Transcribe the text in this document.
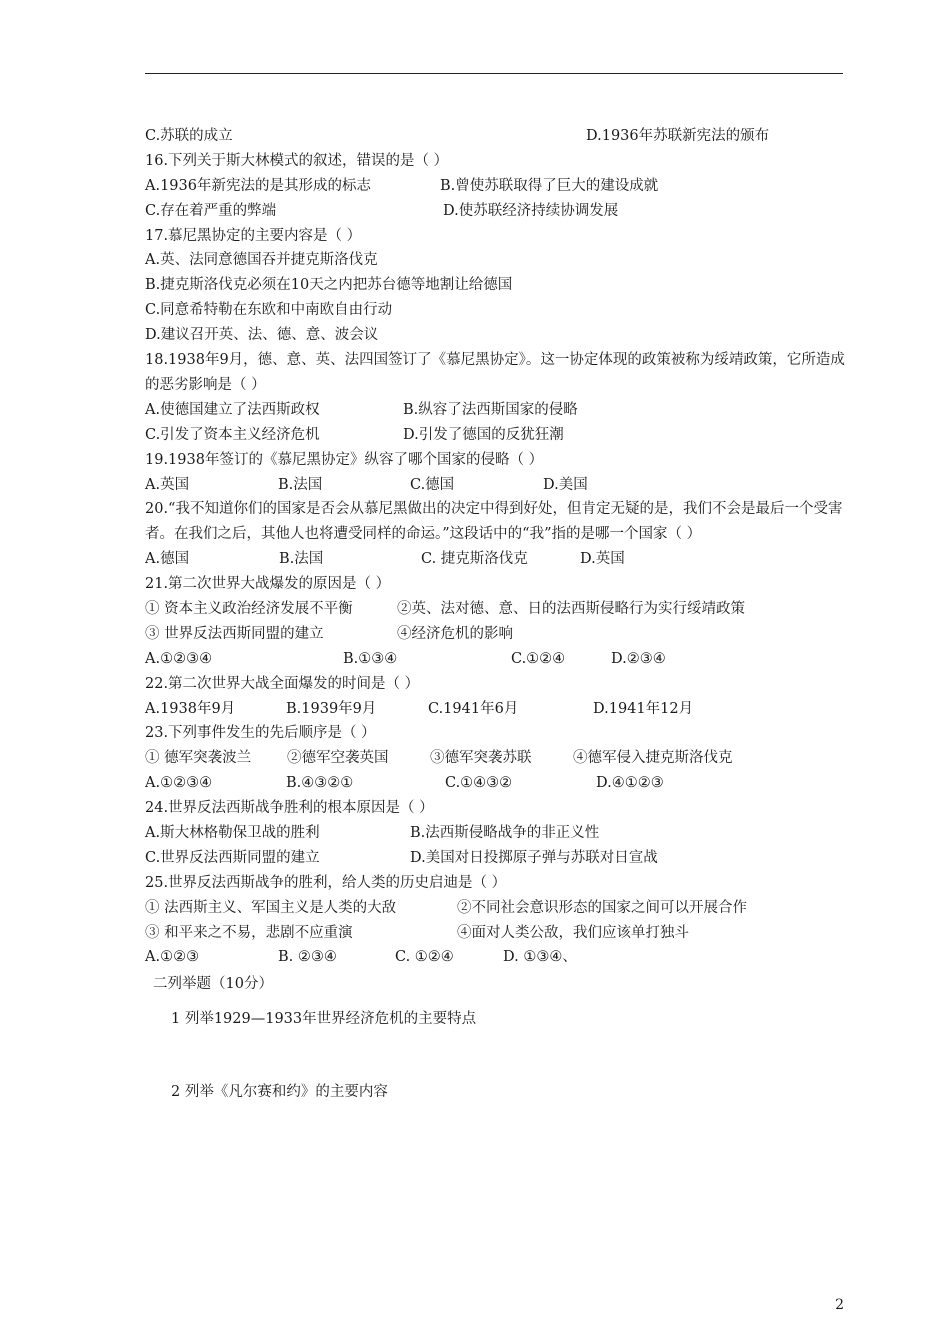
C.苏联的成立	D.1936年苏联新宪法的颁布
16.下列关于斯大林模式的叙述，错误的是（ ）
A.1936年新宪法的是其形成的标志	B.曾使苏联取得了巨大的建设成就
C.存在着严重的弊端	D.使苏联经济持续协调发展
17.慕尼黑协定的主要内容是（ ）
A.英、法同意德国吞并捷克斯洛伐克
B.捷克斯洛伐克必须在10天之内把苏台德等地割让给德国
C.同意希特勒在东欧和中南欧自由行动
D.建议召开英、法、德、意、波会议
18.1938年9月，德、意、英、法四国签订了《慕尼黑协定》。这一协定体现的政策被称为绥靖政策，它所造成的恶劣影响是（ ）
A.使德国建立了法西斯政权	B.纵容了法西斯国家的侵略
C.引发了资本主义经济危机	D.引发了德国的反犹狂潮
19.1938年签订的《慕尼黑协定》纵容了哪个国家的侵略（ ）
A.英国	B.法国	C.德国	D.美国
20.“我不知道你们的国家是否会从慕尼黑做出的决定中得到好处，但肯定无疑的是，我们不会是最后一个受害者。在我们之后，其他人也将遭受同样的命运。”这段话中的“我”指的是哪一个国家（ ）
A.德国	B.法国	C. 捷克斯洛伐克	D.英国
21.第二次世界大战爆发的原因是（ ）
① 资本主义政治经济发展不平衡	②英、法对德、意、日的法西斯侵略行为实行绥靖政策
③ 世界反法西斯同盟的建立	④经济危机的影响
A.①②③④	B.①③④	C.①②④	D.②③④
22.第二次世界大战全面爆发的时间是（ ）
A.1938年9月	B.1939年9月	C.1941年6月	D.1941年12月
23.下列事件发生的先后顺序是（ ）
① 德军突袭波兰 ②德军空袭英国	③德军突袭苏联	④德军侵入捷克斯洛伐克
A.①②③④	B.④③②①	C.①④③②	D.④①②③
24.世界反法西斯战争胜利的根本原因是（ ）
A.斯大林格勒保卫战的胜利	B.法西斯侵略战争的非正义性
C.世界反法西斯同盟的建立	D.美国对日投掷原子弹与苏联对日宣战
25.世界反法西斯战争的胜利，给人类的历史启迪是（ ）
① 法西斯主义、军国主义是人类的大敌	②不同社会意识形态的国家之间可以开展合作
③ 和平来之不易，悲剧不应重演	④面对人类公敌，我们应该单打独斗
A.①②③	B. ②③④	C. ①②④	D. ①③④、
二列举题（10分）
1 列举1929—1933年世界经济危机的主要特点
2 列举《凡尔赛和约》的主要内容
2
